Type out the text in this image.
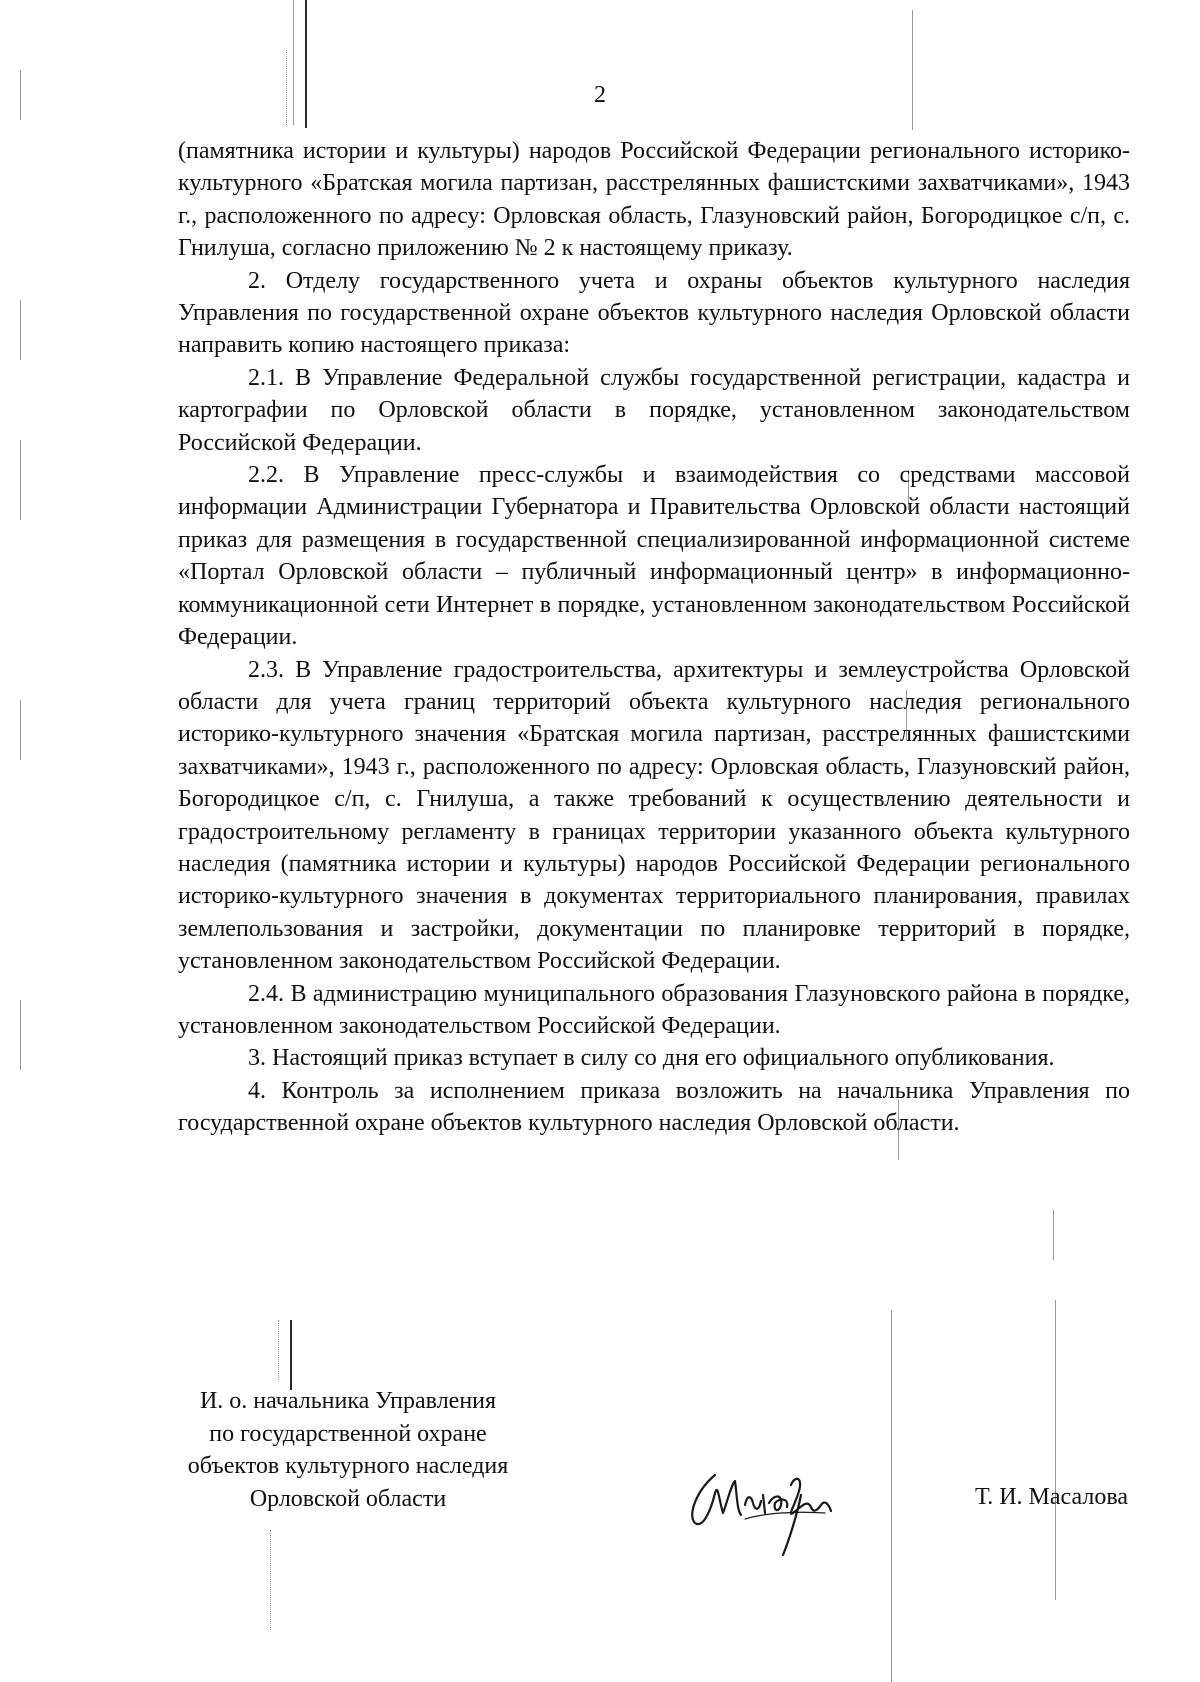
2

(памятника истории и культуры) народов Российской Федерации регионального историко-культурного «Братская могила партизан, расстрелянных фашистскими захватчиками», 1943 г., расположенного по адресу: Орловская область, Глазуновский район, Богородицкое с/п, с. Гнилуша, согласно приложению № 2 к настоящему приказу.

2. Отделу государственного учета и охраны объектов культурного наследия Управления по государственной охране объектов культурного наследия Орловской области направить копию настоящего приказа:

2.1. В Управление Федеральной службы государственной регистрации, кадастра и картографии по Орловской области в порядке, установленном законодательством Российской Федерации.

2.2. В Управление пресс-службы и взаимодействия со средствами массовой информации Администрации Губернатора и Правительства Орловской области настоящий приказ для размещения в государственной специализированной информационной системе «Портал Орловской области – публичный информационный центр» в информационно-коммуникационной сети Интернет в порядке, установленном законодательством Российской Федерации.

2.3. В Управление градостроительства, архитектуры и землеустройства Орловской области для учета границ территорий объекта культурного наследия регионального историко-культурного значения «Братская могила партизан, расстрелянных фашистскими захватчиками», 1943 г., расположенного по адресу: Орловская область, Глазуновский район, Богородицкое с/п, с. Гнилуша, а также требований к осуществлению деятельности и градостроительному регламенту в границах территории указанного объекта культурного наследия (памятника истории и культуры) народов Российской Федерации регионального историко-культурного значения в документах территориального планирования, правилах землепользования и застройки, документации по планировке территорий в порядке, установленном законодательством Российской Федерации.

2.4. В администрацию муниципального образования Глазуновского района в порядке, установленном законодательством Российской Федерации.

3. Настоящий приказ вступает в силу со дня его официального опубликования.

4. Контроль за исполнением приказа возложить на начальника Управления по государственной охране объектов культурного наследия Орловской области.

И. о. начальника Управления
по государственной охране
объектов культурного наследия
Орловской области	Т. И. Масалова
